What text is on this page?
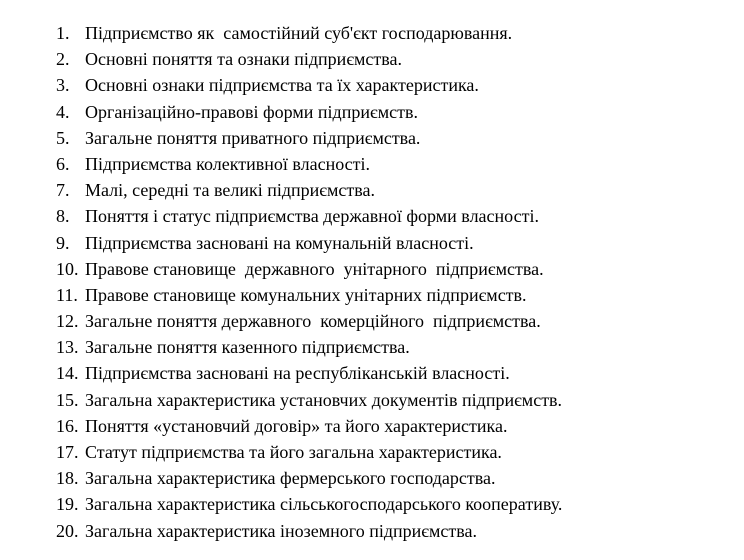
1. Підприємство як  самостійний суб'єкт господарювання.
2. Основні поняття та ознаки підприємства.
3. Основні ознаки підприємства та їх характеристика.
4. Організаційно-правові форми підприємств.
5. Загальне поняття приватного підприємства.
6. Підприємства колективної власності.
7. Малі, середні та великі підприємства.
8. Поняття і статус підприємства державної форми власності.
9. Підприємства засновані на комунальній власності.
10. Правове становище  державного  унітарного  підприємства.
11. Правове становище комунальних унітарних підприємств.
12. Загальне поняття державного  комерційного  підприємства.
13. Загальне поняття казенного підприємства.
14. Підприємства засновані на республіканській власності.
15. Загальна характеристика установчих документів підприємств.
16. Поняття «установчий договір» та його характеристика.
17. Статут підприємства та його загальна характеристика.
18. Загальна характеристика фермерського господарства.
19. Загальна характеристика сільськогосподарського кооперативу.
20. Загальна характеристика іноземного підприємства.
